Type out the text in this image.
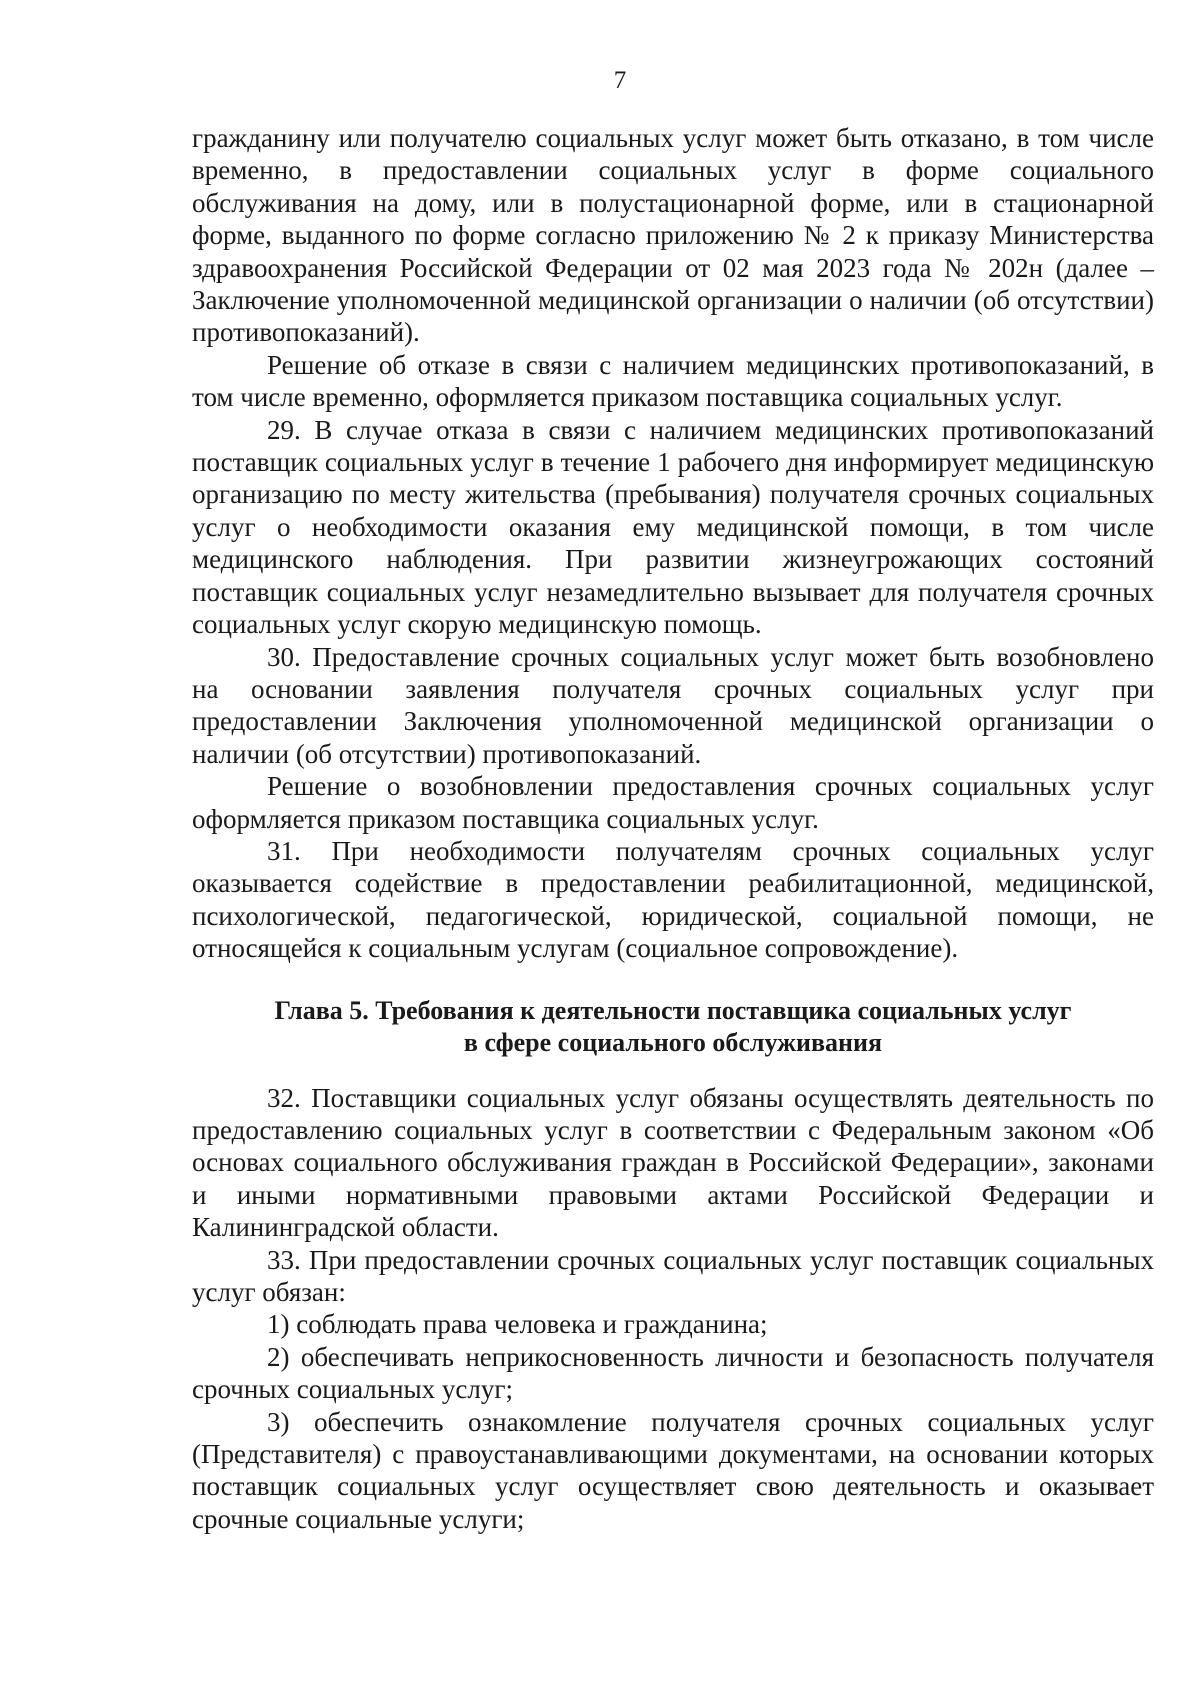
7

гражданину или получателю социальных услуг может быть отказано, в том числе временно, в предоставлении социальных услуг в форме социального обслуживания на дому, или в полустационарной форме, или в стационарной форме, выданного по форме согласно приложению № 2 к приказу Министерства здравоохранения Российской Федерации от 02 мая 2023 года № 202н (далее – Заключение уполномоченной медицинской организации о наличии (об отсутствии) противопоказаний).

Решение об отказе в связи с наличием медицинских противопоказаний, в том числе временно, оформляется приказом поставщика социальных услуг.

29. В случае отказа в связи с наличием медицинских противопоказаний поставщик социальных услуг в течение 1 рабочего дня информирует медицинскую организацию по месту жительства (пребывания) получателя срочных социальных услуг о необходимости оказания ему медицинской помощи, в том числе медицинского наблюдения. При развитии жизнеугрожающих состояний поставщик социальных услуг незамедлительно вызывает для получателя срочных социальных услуг скорую медицинскую помощь.

30. Предоставление срочных социальных услуг может быть возобновлено на основании заявления получателя срочных социальных услуг при предоставлении Заключения уполномоченной медицинской организации о наличии (об отсутствии) противопоказаний.

Решение о возобновлении предоставления срочных социальных услуг оформляется приказом поставщика социальных услуг.

31. При необходимости получателям срочных социальных услуг оказывается содействие в предоставлении реабилитационной, медицинской, психологической, педагогической, юридической, социальной помощи, не относящейся к социальным услугам (социальное сопровождение).

Глава 5. Требования к деятельности поставщика социальных услуг
в сфере социального обслуживания

32. Поставщики социальных услуг обязаны осуществлять деятельность по предоставлению социальных услуг в соответствии с Федеральным законом «Об основах социального обслуживания граждан в Российской Федерации», законами и иными нормативными правовыми актами Российской Федерации и Калининградской области.

33. При предоставлении срочных социальных услуг поставщик социальных услуг обязан:

1) соблюдать права человека и гражданина;

2) обеспечивать неприкосновенность личности и безопасность получателя срочных социальных услуг;

3) обеспечить ознакомление получателя срочных социальных услуг (Представителя) с правоустанавливающими документами, на основании которых поставщик социальных услуг осуществляет свою деятельность и оказывает срочные социальные услуги;
